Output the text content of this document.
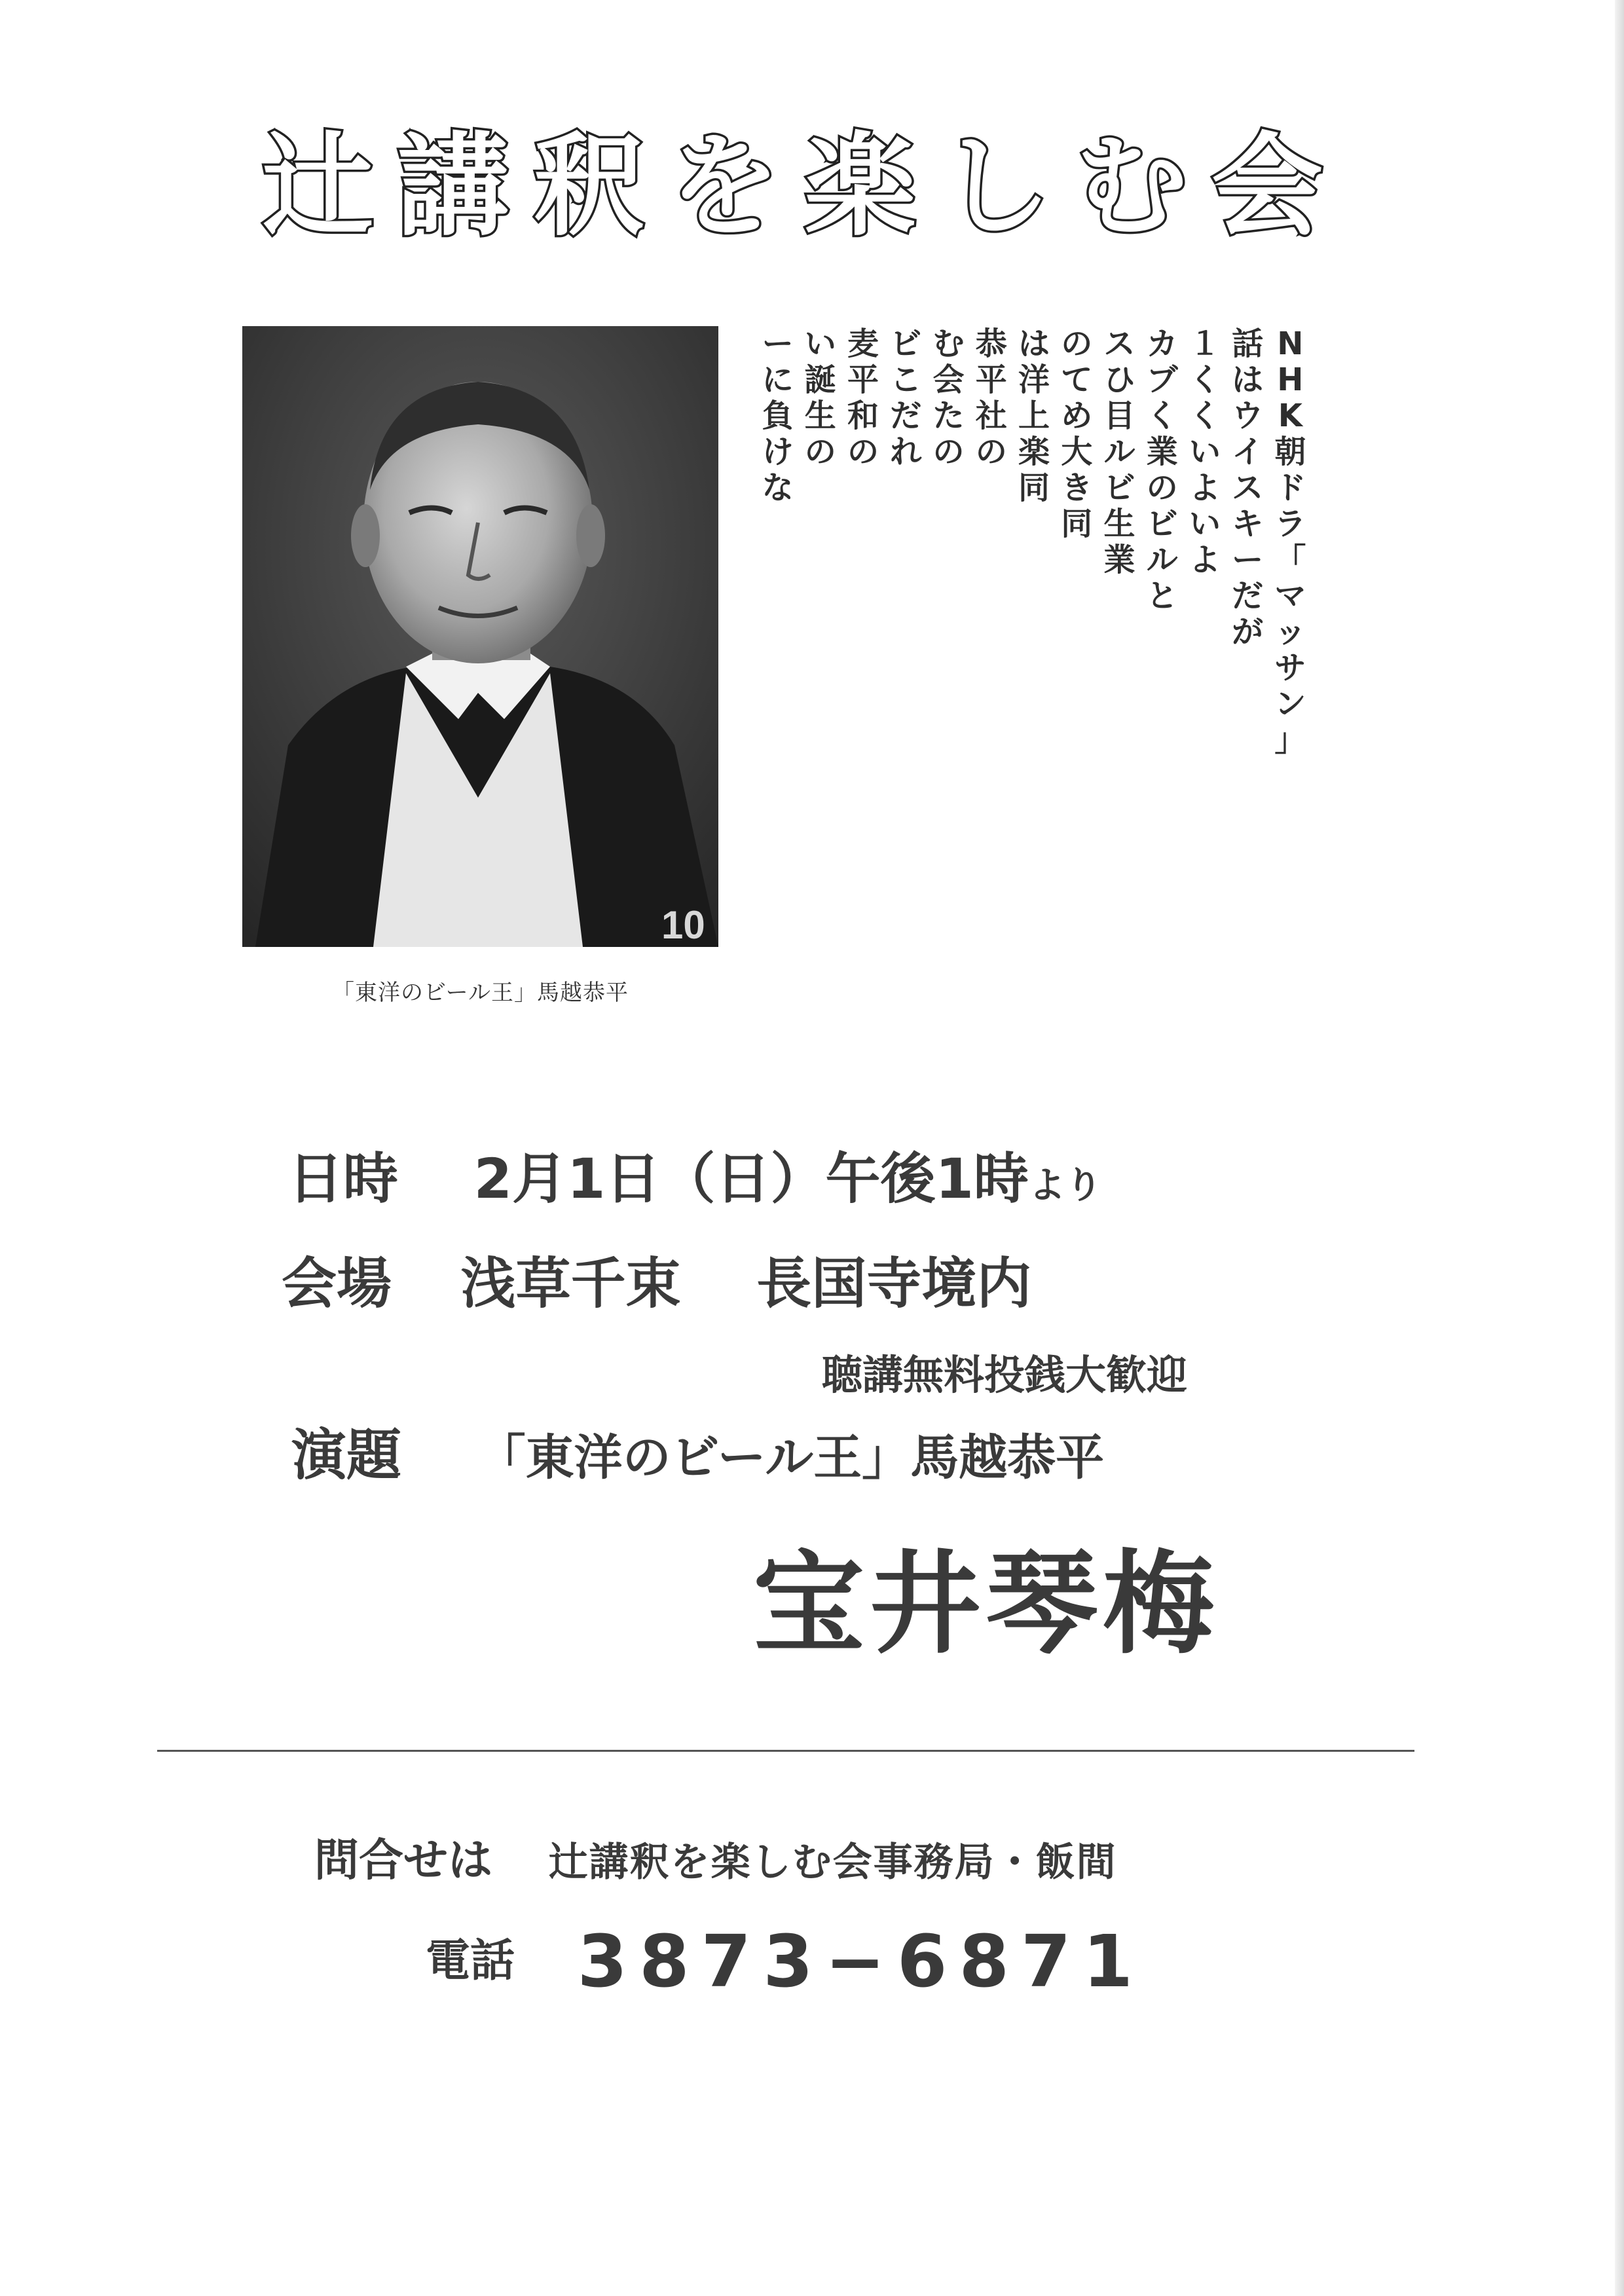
辻 講 釈 を 楽 し む 会
10
「東洋のビール王」馬越恭平
N
H
K
朝
ド
ラ
「
マ
ッ
サ
ン
」
話
は
ウ
イ
ス
キ
ー
だ
が
１
く
く
い
よ
い
よ
カ
ブ
く
業
の
ビ
ル
と
ス
ひ
目
ル
ビ
生
業
の
て
め
大
き
同
は
洋
上
楽
同
恭
平
社
の
む
会
た
の
ビ
こ
だ
れ
麦
平
和
の
い
誕
生
の
ー
に
負
け
な
日時 2月1日（日）午後1時より
会場 浅草千束 長国寺境内
聴講無料投銭大歓迎
演題 「東洋のビール王」馬越恭平
宝井琴梅
問合せは 辻講釈を楽しむ会事務局・飯間
電話 3873−6871
